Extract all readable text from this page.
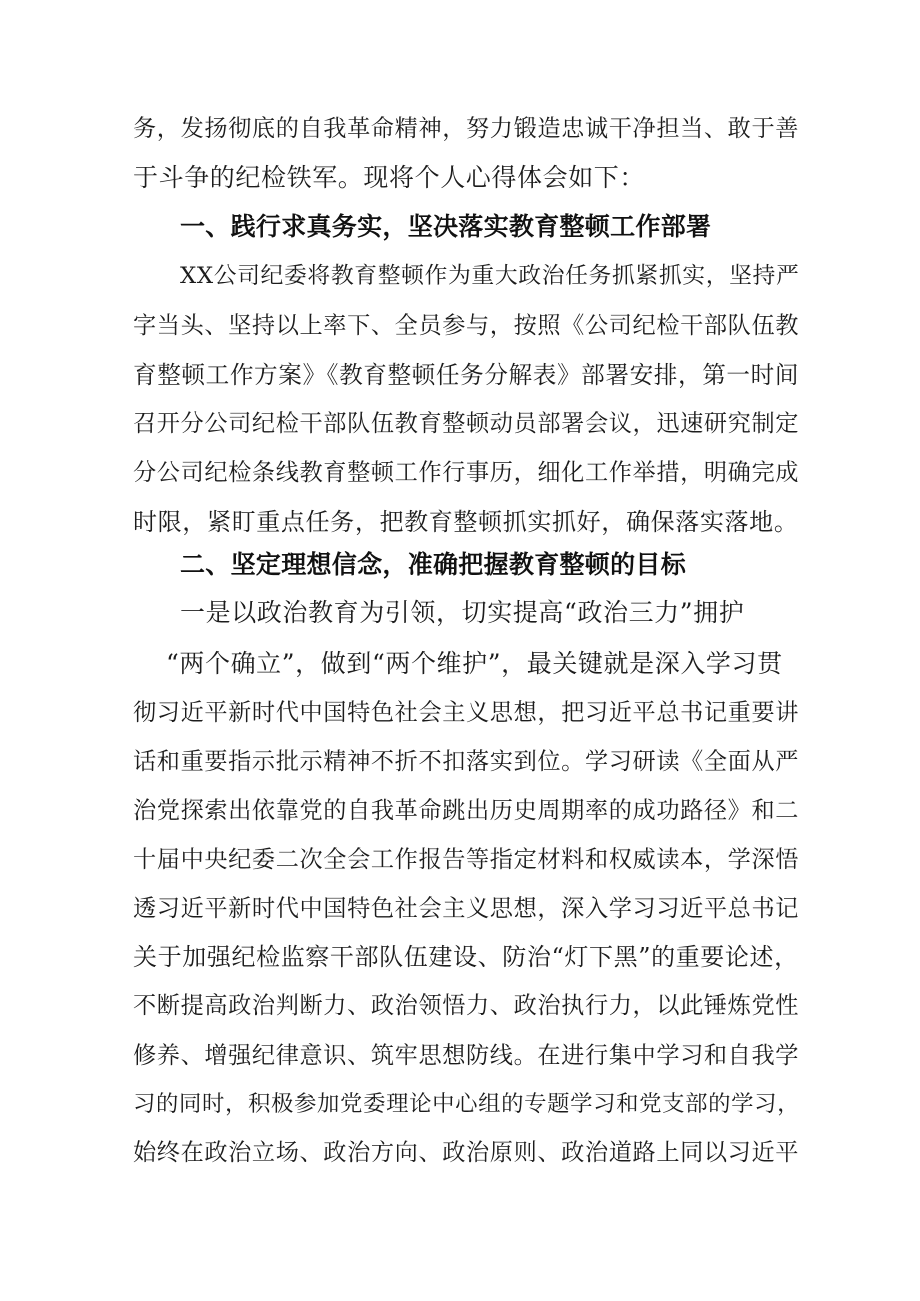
务，发扬彻底的自我革命精神，努力锻造忠诚干净担当、敢于善
于斗争的纪检铁军。现将个人心得体会如下：
一、践行求真务实，坚决落实教育整顿工作部署
XX公司纪委将教育整顿作为重大政治任务抓紧抓实，坚持严
字当头、坚持以上率下、全员参与，按照《公司纪检干部队伍教
育整顿工作方案》《教育整顿任务分解表》部署安排，第一时间
召开分公司纪检干部队伍教育整顿动员部署会议，迅速研究制定
分公司纪检条线教育整顿工作行事历，细化工作举措，明确完成
时限，紧盯重点任务，把教育整顿抓实抓好，确保落实落地。
二、坚定理想信念，准确把握教育整顿的目标
一是以政治教育为引领，切实提高“政治三力”拥护
“两个确立”，做到“两个维护”，最关键就是深入学习贯
彻习近平新时代中国特色社会主义思想，把习近平总书记重要讲
话和重要指示批示精神不折不扣落实到位。学习研读《全面从严
治党探索出依靠党的自我革命跳出历史周期率的成功路径》和二
十届中央纪委二次全会工作报告等指定材料和权威读本，学深悟
透习近平新时代中国特色社会主义思想，深入学习习近平总书记
关于加强纪检监察干部队伍建设、防治“灯下黑”的重要论述，
不断提高政治判断力、政治领悟力、政治执行力，以此锤炼党性
修养、增强纪律意识、筑牢思想防线。在进行集中学习和自我学
习的同时，积极参加党委理论中心组的专题学习和党支部的学习，
始终在政治立场、政治方向、政治原则、政治道路上同以习近平
